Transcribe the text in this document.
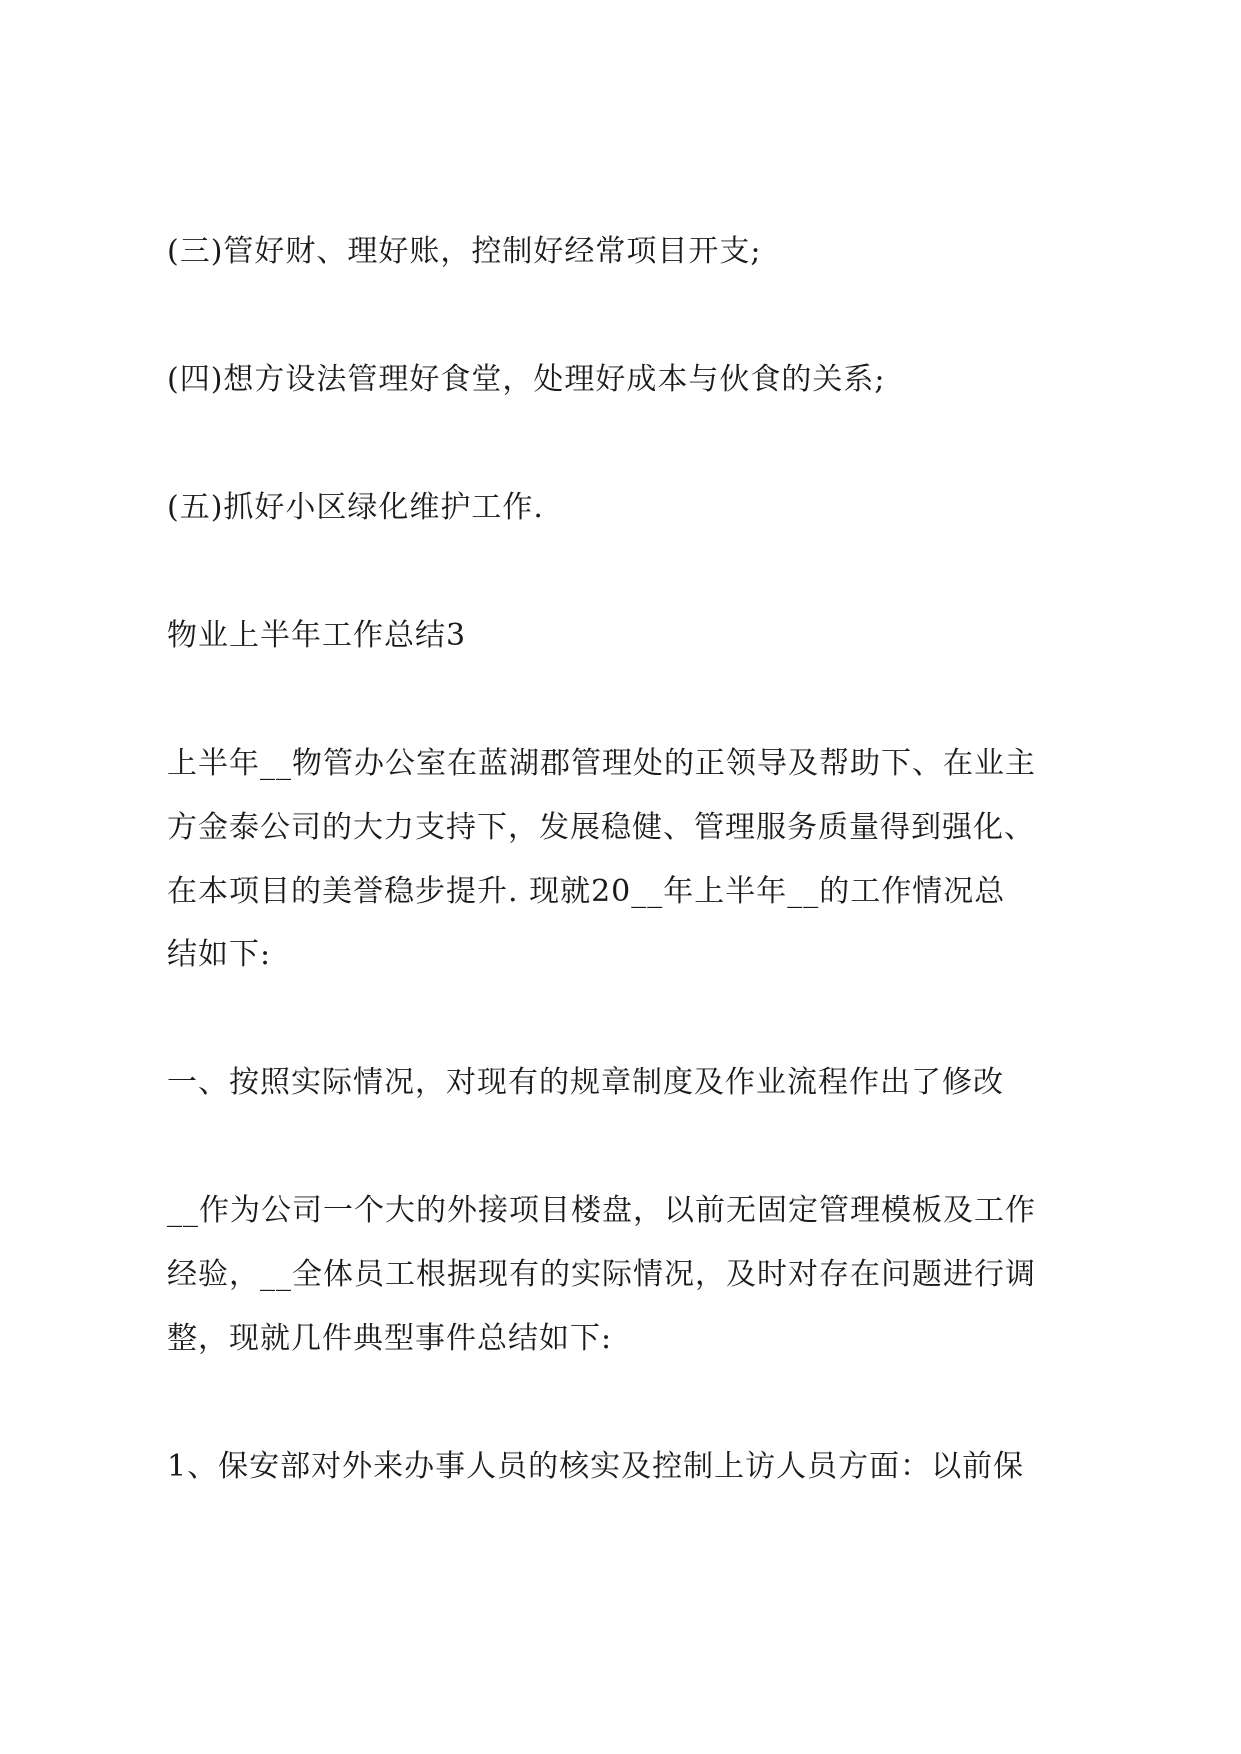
(三)管好财、理好账，控制好经常项目开支;
(四)想方设法管理好食堂，处理好成本与伙食的关系;
(五)抓好小区绿化维护工作.
物业上半年工作总结3
上半年__物管办公室在蓝湖郡管理处的正领导及帮助下、在业主
方金泰公司的大力支持下，发展稳健、管理服务质量得到强化、
在本项目的美誉稳步提升. 现就20__年上半年__的工作情况总
结如下:
一、按照实际情况，对现有的规章制度及作业流程作出了修改
__作为公司一个大的外接项目楼盘，以前无固定管理模板及工作
经验，__全体员工根据现有的实际情况，及时对存在问题进行调
整，现就几件典型事件总结如下:
1、保安部对外来办事人员的核实及控制上访人员方面：以前保
